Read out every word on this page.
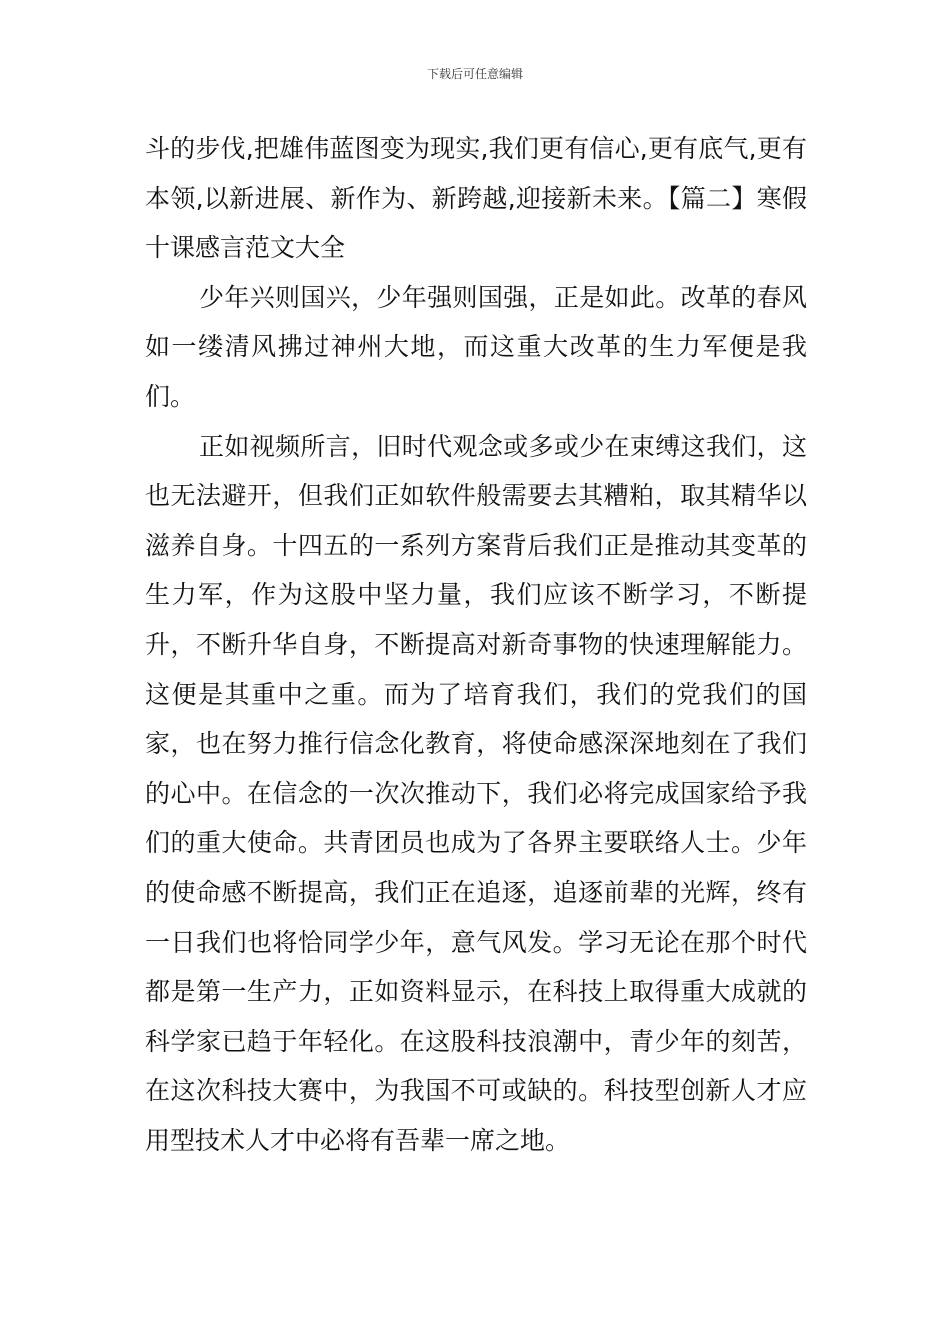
下载后可任意编辑

斗的步伐,把雄伟蓝图变为现实,我们更有信心,更有底气,更有本领,以新进展、新作为、新跨越,迎接新未来。【篇二】寒假十课感言范文大全

少年兴则国兴，少年强则国强，正是如此。改革的春风如一缕清风拂过神州大地，而这重大改革的生力军便是我们。

正如视频所言，旧时代观念或多或少在束缚这我们，这也无法避开，但我们正如软件般需要去其糟粕，取其精华以滋养自身。十四五的一系列方案背后我们正是推动其变革的生力军，作为这股中坚力量，我们应该不断学习，不断提升，不断升华自身，不断提高对新奇事物的快速理解能力。这便是其重中之重。而为了培育我们，我们的党我们的国家，也在努力推行信念化教育，将使命感深深地刻在了我们的心中。在信念的一次次推动下，我们必将完成国家给予我们的重大使命。共青团员也成为了各界主要联络人士。少年的使命感不断提高，我们正在追逐，追逐前辈的光辉，终有一日我们也将恰同学少年，意气风发。学习无论在那个时代都是第一生产力，正如资料显示，在科技上取得重大成就的科学家已趋于年轻化。在这股科技浪潮中，青少年的刻苦，在这次科技大赛中，为我国不可或缺的。科技型创新人才应用型技术人才中必将有吾辈一席之地。
